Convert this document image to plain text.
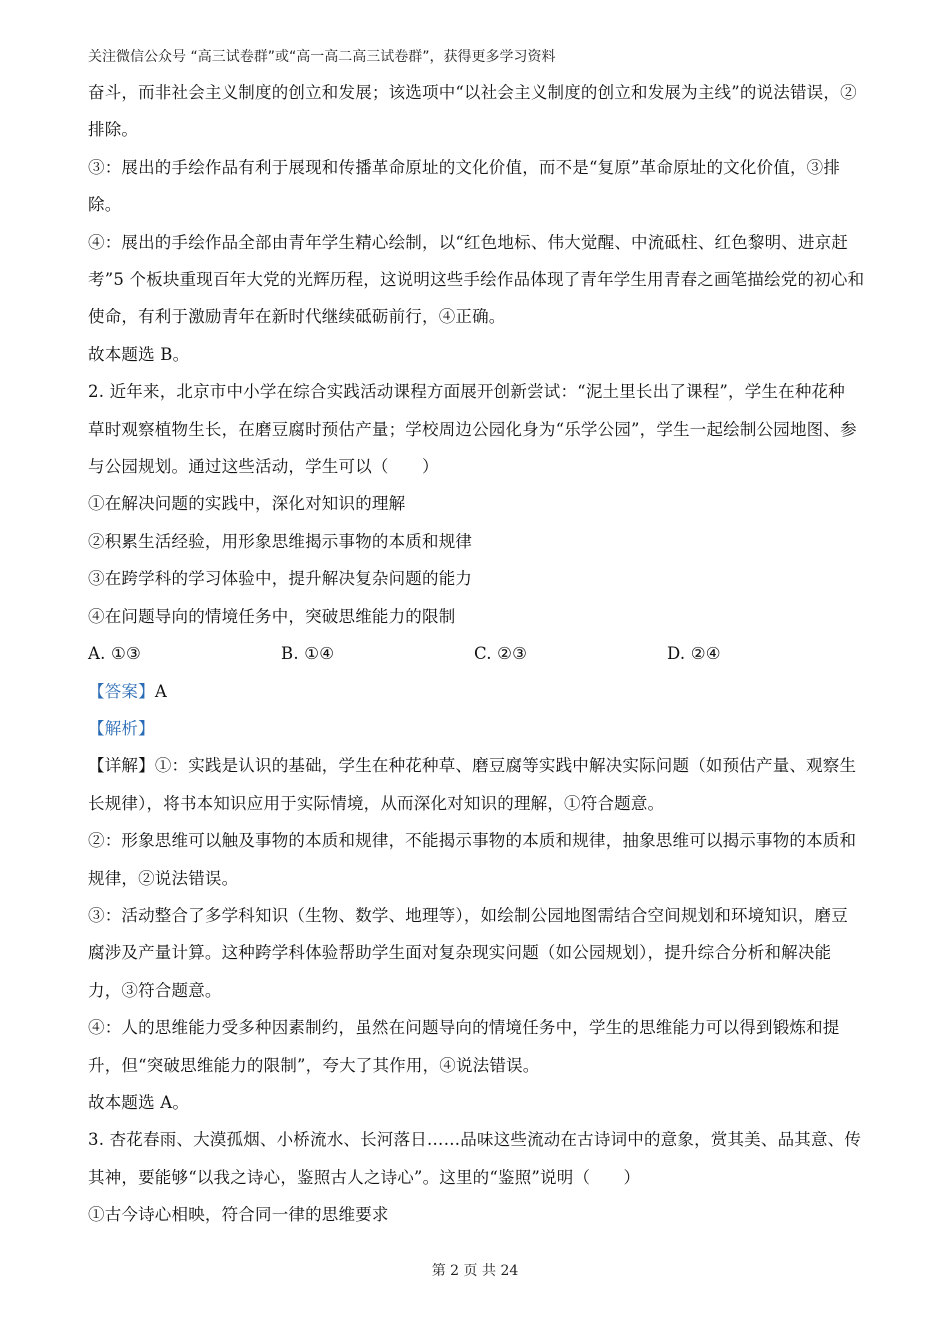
关注微信公众号 “高三试卷群”或“高一高二高三试卷群”，获得更多学习资料

奋斗，而非社会主义制度的创立和发展；该选项中“以社会主义制度的创立和发展为主线”的说法错误，②

排除。

③：展出的手绘作品有利于展现和传播革命原址的文化价值，而不是“复原”革命原址的文化价值，③排

除。

④：展出的手绘作品全部由青年学生精心绘制，以“红色地标、伟大觉醒、中流砥柱、红色黎明、进京赶

考”5 个板块重现百年大党的光辉历程，这说明这些手绘作品体现了青年学生用青春之画笔描绘党的初心和

使命，有利于激励青年在新时代继续砥砺前行，④正确。

故本题选 B。

2. 近年来，北京市中小学在综合实践活动课程方面展开创新尝试：“泥土里长出了课程”，学生在种花种

草时观察植物生长，在磨豆腐时预估产量；学校周边公园化身为“乐学公园”，学生一起绘制公园地图、参

与公园规划。通过这些活动，学生可以（　　）

①在解决问题的实践中，深化对知识的理解

②积累生活经验，用形象思维揭示事物的本质和规律

③在跨学科的学习体验中，提升解决复杂问题的能力

④在问题导向的情境任务中，突破思维能力的限制

A. ①③	B. ①④	C. ②③	D. ②④

【答案】A

【解析】

【详解】①：实践是认识的基础，学生在种花种草、磨豆腐等实践中解决实际问题（如预估产量、观察生

长规律），将书本知识应用于实际情境，从而深化对知识的理解，①符合题意。

②：形象思维可以触及事物的本质和规律，不能揭示事物的本质和规律，抽象思维可以揭示事物的本质和

规律，②说法错误。

③：活动整合了多学科知识（生物、数学、地理等），如绘制公园地图需结合空间规划和环境知识，磨豆

腐涉及产量计算。这种跨学科体验帮助学生面对复杂现实问题（如公园规划），提升综合分析和解决能

力，③符合题意。

④：人的思维能力受多种因素制约，虽然在问题导向的情境任务中，学生的思维能力可以得到锻炼和提

升，但“突破思维能力的限制”，夸大了其作用，④说法错误。

故本题选 A。

3. 杏花春雨、大漠孤烟、小桥流水、长河落日……品味这些流动在古诗词中的意象，赏其美、品其意、传

其神，要能够“以我之诗心，鉴照古人之诗心”。这里的“鉴照”说明（　　）

①古今诗心相映，符合同一律的思维要求

第 2 页 共 24
